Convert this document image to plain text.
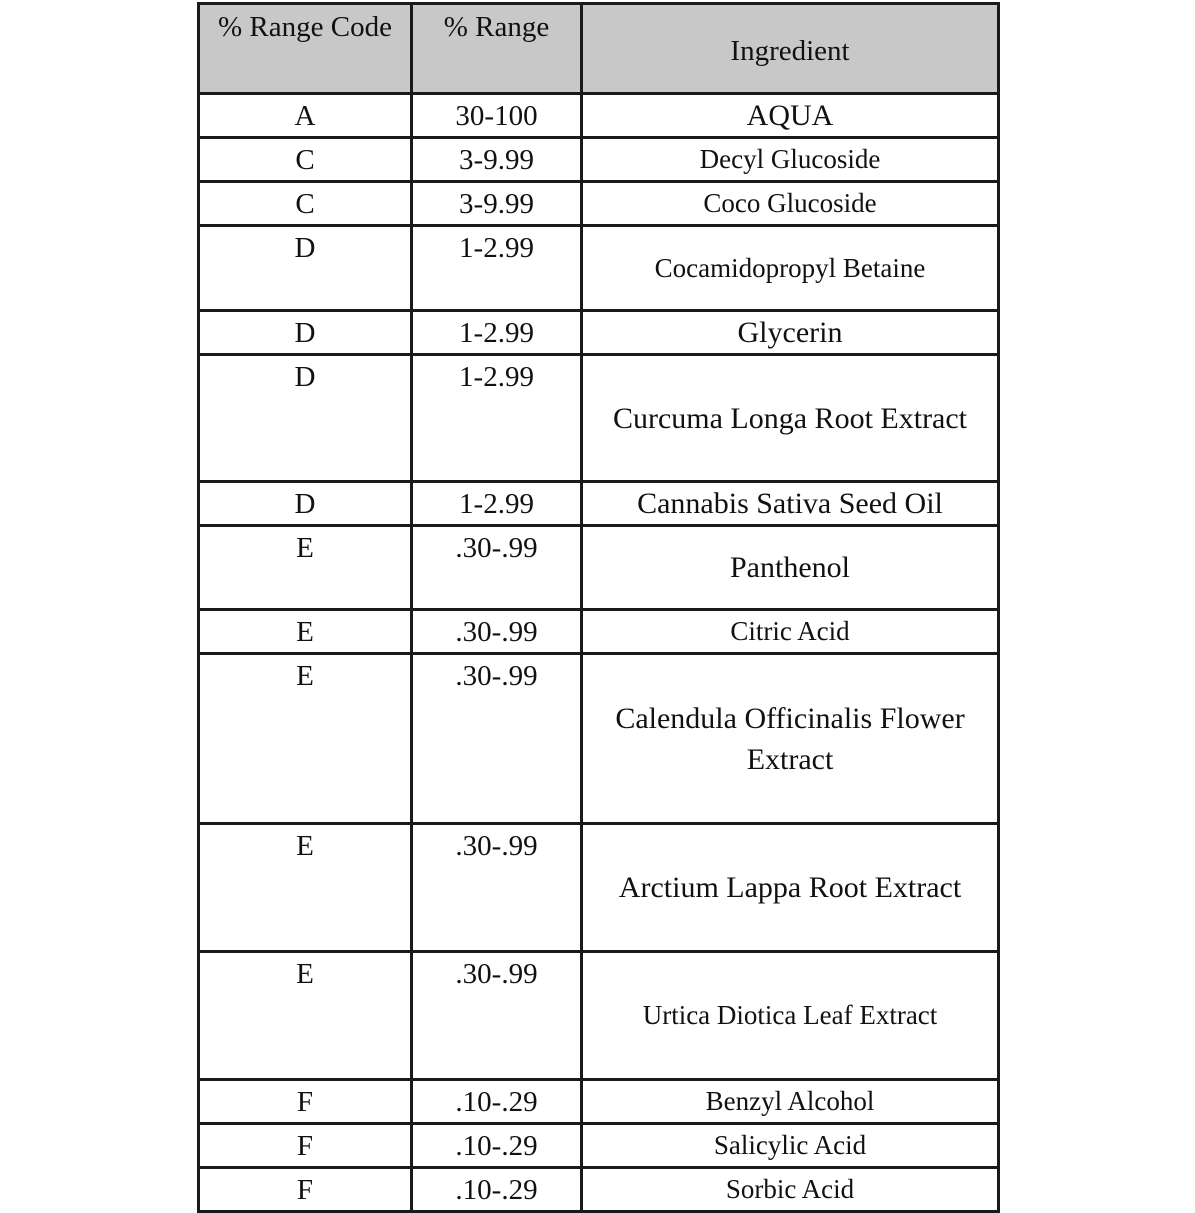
% Range Code	% Range	Ingredient
A	30-100	AQUA
C	3-9.99	Decyl Glucoside
C	3-9.99	Coco Glucoside
D	1-2.99	Cocamidopropyl Betaine
D	1-2.99	Glycerin
D	1-2.99	Curcuma Longa Root Extract
D	1-2.99	Cannabis Sativa Seed Oil
E	.30-.99	Panthenol
E	.30-.99	Citric Acid
E	.30-.99	Calendula Officinalis Flower Extract
E	.30-.99	Arctium Lappa Root Extract
E	.30-.99	Urtica Diotica Leaf Extract
F	.10-.29	Benzyl Alcohol
F	.10-.29	Salicylic Acid
F	.10-.29	Sorbic Acid
